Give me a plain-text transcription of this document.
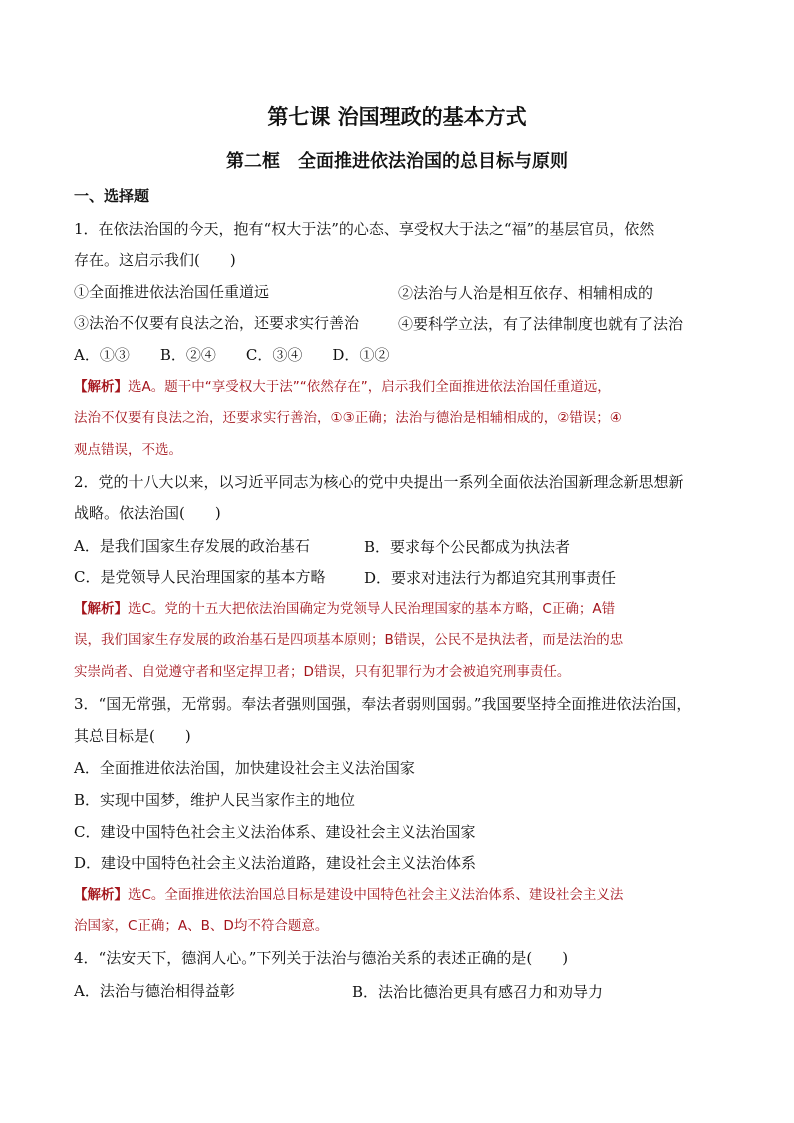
第七课 治国理政的基本方式
第二框　全面推进依法治国的总目标与原则
一、选择题
1．在依法治国的今天，抱有“权大于法”的心态、享受权大于法之“福”的基层官员，依然
存在。这启示我们(　　)
①全面推进依法治国任重道远	②法治与人治是相互依存、相辅相成的
③法治不仅要有良法之治，还要求实行善治	④要科学立法，有了法律制度也就有了法治
A．①③　　B．②④　　C．③④　　D．①②
【解析】选A。题干中“享受权大于法”“依然存在”，启示我们全面推进依法治国任重道远，
法治不仅要有良法之治，还要求实行善治，①③正确；法治与德治是相辅相成的，②错误；④
观点错误，不选。
2．党的十八大以来，以习近平同志为核心的党中央提出一系列全面依法治国新理念新思想新
战略。依法治国(　　)
A．是我们国家生存发展的政治基石	B．要求每个公民都成为执法者
C．是党领导人民治理国家的基本方略	D．要求对违法行为都追究其刑事责任
【解析】选C。党的十五大把依法治国确定为党领导人民治理国家的基本方略，C正确；A错
误，我们国家生存发展的政治基石是四项基本原则；B错误，公民不是执法者，而是法治的忠
实崇尚者、自觉遵守者和坚定捍卫者；D错误，只有犯罪行为才会被追究刑事责任。
3．“国无常强，无常弱。奉法者强则国强，奉法者弱则国弱。”我国要坚持全面推进依法治国，
其总目标是(　　)
A．全面推进依法治国，加快建设社会主义法治国家
B．实现中国梦，维护人民当家作主的地位
C．建设中国特色社会主义法治体系、建设社会主义法治国家
D．建设中国特色社会主义法治道路，建设社会主义法治体系
【解析】选C。全面推进依法治国总目标是建设中国特色社会主义法治体系、建设社会主义法
治国家，C正确；A、B、D均不符合题意。
4．“法安天下，德润人心。”下列关于法治与德治关系的表述正确的是(　　)
A．法治与德治相得益彰	B．法治比德治更具有感召力和劝导力
